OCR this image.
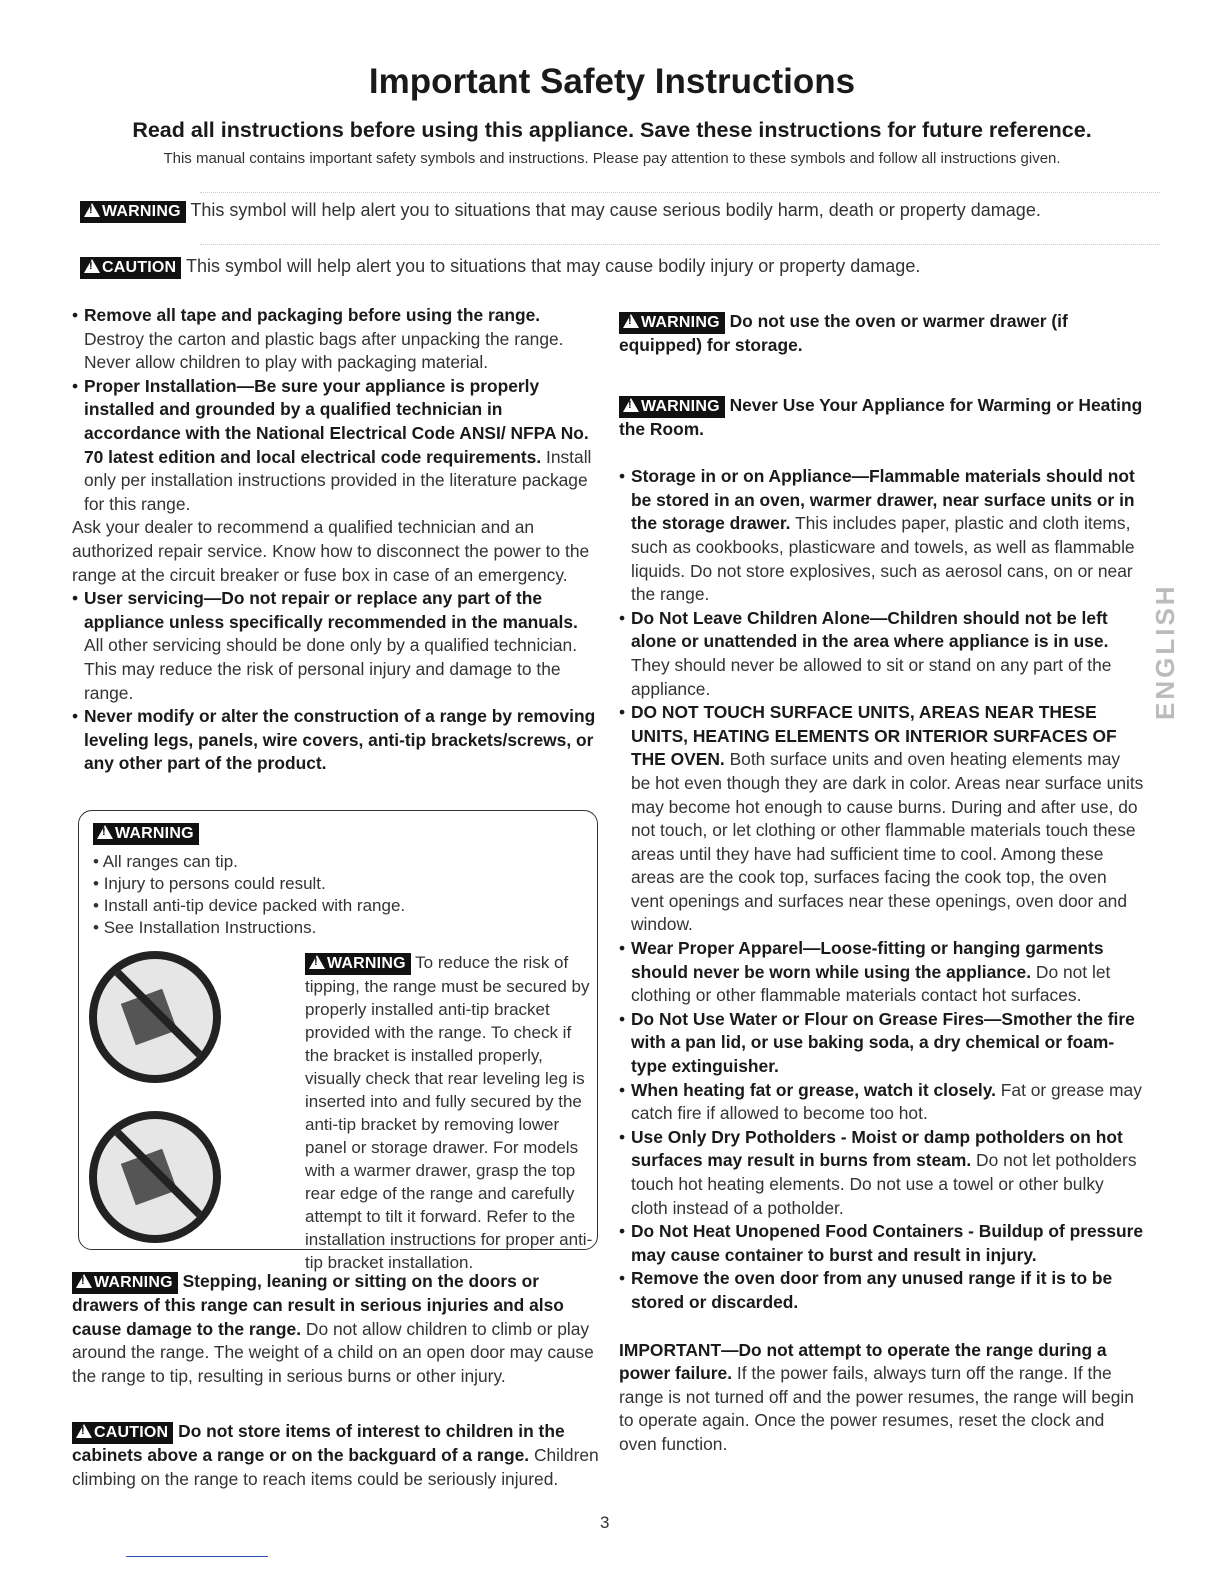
Important Safety Instructions
Read all instructions before using this appliance. Save these instructions for future reference.
This manual contains important safety symbols and instructions. Please pay attention to these symbols and follow all instructions given.
!WARNING This symbol will help alert you to situations that may cause serious bodily harm, death or property damage.
!CAUTION This symbol will help alert you to situations that may cause bodily injury or property damage.

• Remove all tape and packaging before using the range. Destroy the carton and plastic bags after unpacking the range. Never allow children to play with packaging material.

• Proper Installation—Be sure your appliance is properly installed and grounded by a qualified technician in accordance with the National Electrical Code ANSI/ NFPA No. 70 latest edition and local electrical code requirements. Install only per installation instructions provided in the literature package for this range.

Ask your dealer to recommend a qualified technician and an authorized repair service. Know how to disconnect the power to the range at the circuit breaker or fuse box in case of an emergency.

• User servicing—Do not repair or replace any part of the appliance unless specifically recommended in the manuals. All other servicing should be done only by a qualified technician. This may reduce the risk of personal injury and damage to the range.

• Never modify or alter the construction of a range by removing leveling legs, panels, wire covers, anti-tip brackets/screws, or any other part of the product.

!WARNING
• All ranges can tip.
• Injury to persons could result.
• Install anti-tip device packed with range.
• See Installation Instructions.
!WARNING To reduce the risk of tipping, the range must be secured by properly installed anti-tip bracket provided with the range. To check if the bracket is installed properly, visually check that rear leveling leg is inserted into and fully secured by the anti-tip bracket by removing lower panel or storage drawer. For models with a warmer drawer, grasp the top rear edge of the range and carefully attempt to tilt it forward. Refer to the installation instructions for proper anti-tip bracket installation.
!WARNING Stepping, leaning or sitting on the doors or drawers of this range can result in serious injuries and also cause damage to the range. Do not allow children to climb or play around the range. The weight of a child on an open door may cause the range to tip, resulting in serious burns or other injury.
!CAUTION Do not store items of interest to children in the cabinets above a range or on the backguard of a range. Children climbing on the range to reach items could be seriously injured.

!WARNING Do not use the oven or warmer drawer (if equipped) for storage.

!WARNING Never Use Your Appliance for Warming or Heating the Room.

• Storage in or on Appliance—Flammable materials should not be stored in an oven, warmer drawer, near surface units or in the storage drawer. This includes paper, plastic and cloth items, such as cookbooks, plasticware and towels, as well as flammable liquids. Do not store explosives, such as aerosol cans, on or near the range.

• Do Not Leave Children Alone—Children should not be left alone or unattended in the area where appliance is in use. They should never be allowed to sit or stand on any part of the appliance.

• DO NOT TOUCH SURFACE UNITS, AREAS NEAR THESE UNITS, HEATING ELEMENTS OR INTERIOR SURFACES OF THE OVEN. Both surface units and oven heating elements may be hot even though they are dark in color. Areas near surface units may become hot enough to cause burns. During and after use, do not touch, or let clothing or other flammable materials touch these areas until they have had sufficient time to cool. Among these areas are the cook top, surfaces facing the cook top, the oven vent openings and surfaces near these openings, oven door and window.

• Wear Proper Apparel—Loose-fitting or hanging garments should never be worn while using the appliance. Do not let clothing or other flammable materials contact hot surfaces.

• Do Not Use Water or Flour on Grease Fires—Smother the fire with a pan lid, or use baking soda, a dry chemical or foam-type extinguisher.

• When heating fat or grease, watch it closely. Fat or grease may catch fire if allowed to become too hot.

• Use Only Dry Potholders - Moist or damp potholders on hot surfaces may result in burns from steam. Do not let potholders touch hot heating elements. Do not use a towel or other bulky cloth instead of a potholder.

• Do Not Heat Unopened Food Containers - Buildup of pressure may cause container to burst and result in injury.

• Remove the oven door from any unused range if it is to be stored or discarded.

IMPORTANT—Do not attempt to operate the range during a power failure. If the power fails, always turn off the range. If the range is not turned off and the power resumes, the range will begin to operate again. Once the power resumes, reset the clock and oven function.

ENGLISH
3
